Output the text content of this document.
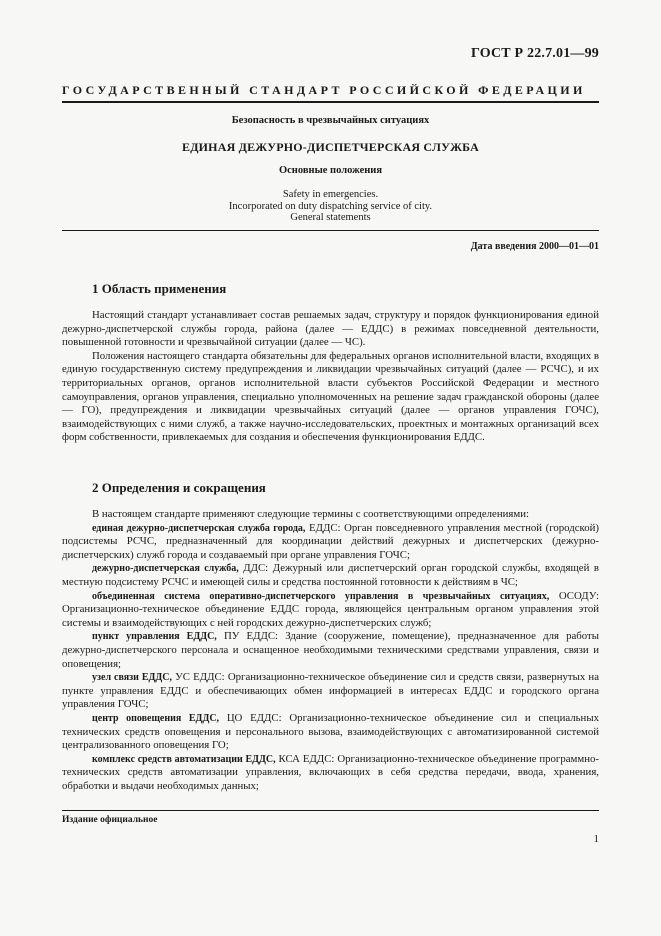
ГОСТ Р 22.7.01—99
ГОСУДАРСТВЕННЫЙ СТАНДАРТ РОССИЙСКОЙ ФЕДЕРАЦИИ
Безопасность в чрезвычайных ситуациях
ЕДИНАЯ ДЕЖУРНО-ДИСПЕТЧЕРСКАЯ СЛУЖБА
Основные положения
Safety in emergencies.
Incorporated on duty dispatching service of city.
General statements
Дата введения 2000—01—01
1 Область применения

Настоящий стандарт устанавливает состав решаемых задач, структуру и порядок функционирования единой дежурно-диспетчерской службы города, района (далее — ЕДДС) в режимах повседневной деятельности, повышенной готовности и чрезвычайной ситуации (далее — ЧС).

Положения настоящего стандарта обязательны для федеральных органов исполнительной власти, входящих в единую государственную систему предупреждения и ликвидации чрезвычайных ситуаций (далее — РСЧС), и их территориальных органов, органов исполнительной власти субъектов Российской Федерации и местного самоуправления, органов управления, специально уполномоченных на решение задач гражданской обороны (далее — ГО), предупреждения и ликвидации чрезвычайных ситуаций (далее — органов управления ГОЧС), взаимодействующих с ними служб, а также научно-исследовательских, проектных и монтажных организаций всех форм собственности, привлекаемых для создания и обеспечения функционирования ЕДДС.

2 Определения и сокращения

В настоящем стандарте применяют следующие термины с соответствующими определениями:

единая дежурно-диспетчерская служба города, ЕДДС: Орган повседневного управления местной (городской) подсистемы РСЧС, предназначенный для координации действий дежурных и диспетчерских (дежурно-диспетчерских) служб города и создаваемый при органе управления ГОЧС;

дежурно-диспетчерская служба, ДДС: Дежурный или диспетчерский орган городской службы, входящей в местную подсистему РСЧС и имеющей силы и средства постоянной готовности к действиям в ЧС;

объединенная система оперативно-диспетчерского управления в чрезвычайных ситуациях, ОСОДУ: Организационно-техническое объединение ЕДДС города, являющейся центральным органом управления этой системы и взаимодействующих с ней городских дежурно-диспетчерских служб;

пункт управления ЕДДС, ПУ ЕДДС: Здание (сооружение, помещение), предназначенное для работы дежурно-диспетчерского персонала и оснащенное необходимыми техническими средствами управления, связи и оповещения;

узел связи ЕДДС, УС ЕДДС: Организационно-техническое объединение сил и средств связи, развернутых на пункте управления ЕДДС и обеспечивающих обмен информацией в интересах ЕДДС и городского органа управления ГОЧС;

центр оповещения ЕДДС, ЦО ЕДДС: Организационно-техническое объединение сил и специальных технических средств оповещения и персонального вызова, взаимодействующих с автоматизированной системой централизованного оповещения ГО;

комплекс средств автоматизации ЕДДС, КСА ЕДДС: Организационно-техническое объединение программно-технических средств автоматизации управления, включающих в себя средства передачи, ввода, хранения, обработки и выдачи необходимых данных;

Издание официальное
1
